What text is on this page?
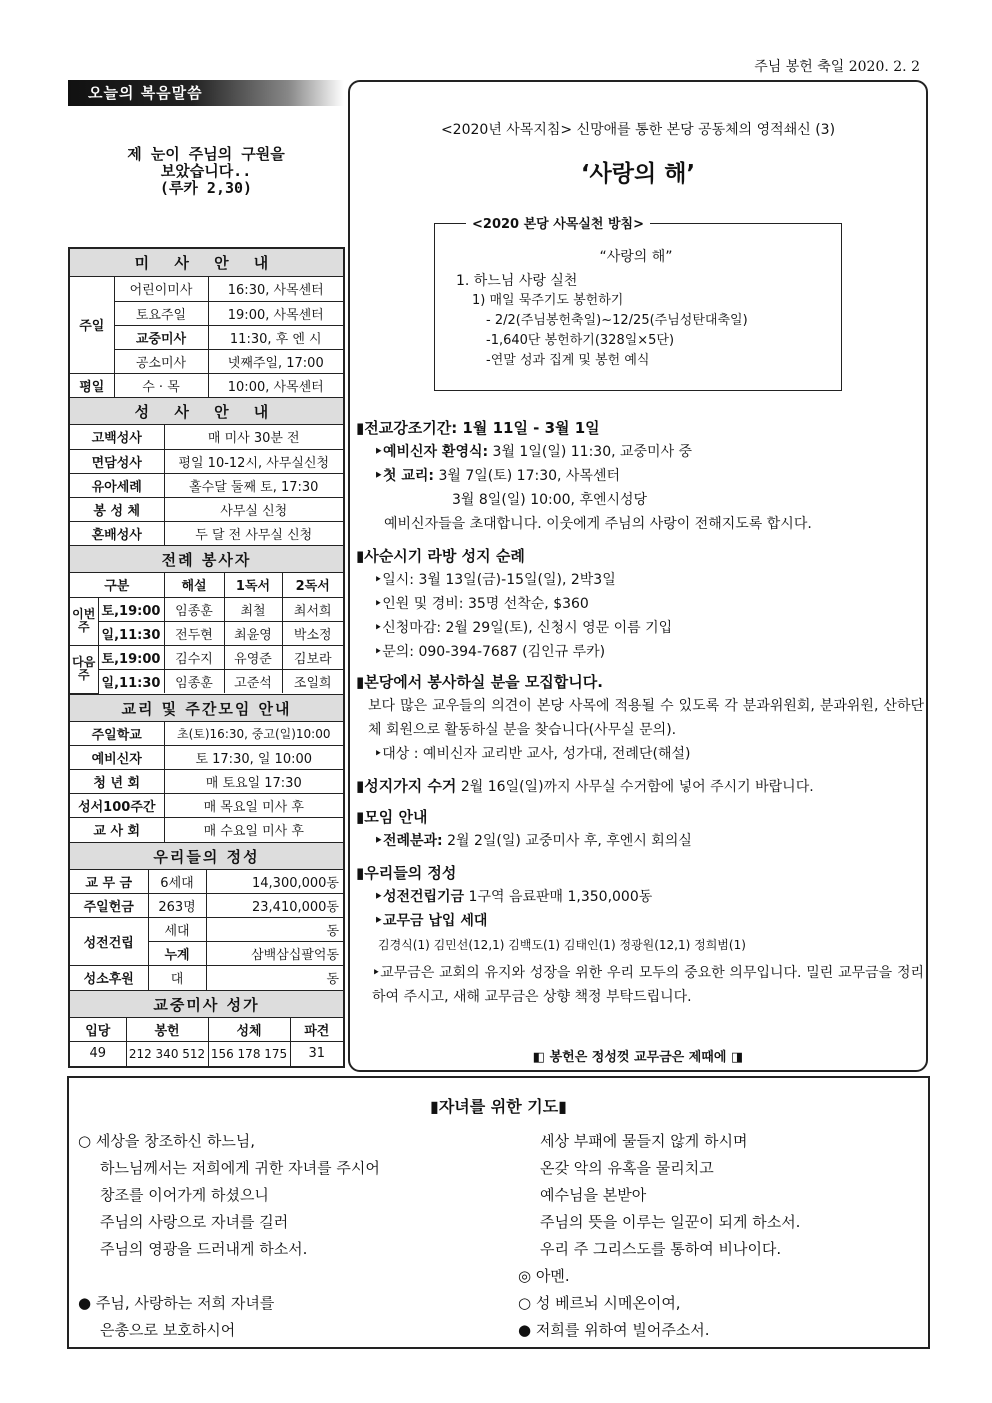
주님 봉헌 축일 2020. 2. 2
오늘의 복음말씀
제 눈이 주님의 구원을
보았습니다..
(루카 2,30)
미 사 안 내
주일	어린이미사	16:30, 사목센터
	토요주일	19:00, 사목센터
	교중미사	11:30, 후 엔 시
	공소미사	넷째주일, 17:00
평일	수 · 목	10:00, 사목센터
성 사 안 내
고백성사	매 미사 30분 전
면담성사	평일 10-12시, 사무실신청
유아세례	홀수달 둘째 토, 17:30
봉 성 체	사무실 신청
혼배성사	두 달 전 사무실 신청
전례 봉사자
구분		해설	1독서	2독서
이번주	토,19:00	임종훈	최철	최서희
	일,11:30	전두현	최윤영	박소정
다음주	토,19:00	김수지	유영준	김보라
	일,11:30	임종훈	고준석	조일희
교리 및 주간모임 안내
주일학교	초(토)16:30, 중고(일)10:00
예비신자	토 17:30, 일 10:00
청 년 회	매 토요일 17:30
성서100주간	매 목요일 미사 후
교 사 회	매 수요일 미사 후
우리들의 정성
교 무 금	6세대	14,300,000동
주일헌금	263명	23,410,000동
성전건립	세대	동
	누계	삼백삼십팔억동
성소후원	대	동
교중미사 성가
입당	봉헌	성체	파견
49	212 340 512	156 178 175	31
<2020년 사목지침> 신망애를 통한 본당 공동체의 영적쇄신 (3)
‘사랑의 해’
<2020 본당 사목실천 방침>
“사랑의 해”
1. 하느님 사랑 실천
1) 매일 묵주기도 봉헌하기
- 2/2(주님봉헌축일)~12/25(주님성탄대축일)
-1,640단 봉헌하기(328일×5단)
-연말 성과 집계 및 봉헌 예식
▮전교강조기간: 1월 11일 - 3월 1일
‣예비신자 환영식: 3월 1일(일) 11:30, 교중미사 중
‣첫 교리: 3월 7일(토) 17:30, 사목센터
3월 8일(일) 10:00, 후엔시성당
예비신자들을 초대합니다. 이웃에게 주님의 사랑이 전해지도록 합시다.
▮사순시기 라방 성지 순례
‣일시: 3월 13일(금)-15일(일), 2박3일
‣인원 및 경비: 35명 선착순, $360
‣신청마감: 2월 29일(토), 신청시 영문 이름 기입
‣문의: 090-394-7687 (김인규 루카)
▮본당에서 봉사하실 분을 모집합니다.
보다 많은 교우들의 의견이 본당 사목에 적용될 수 있도록 각 분과위원회, 분과위원, 산하단체 회원으로 활동하실 분을 찾습니다(사무실 문의).
‣대상 : 예비신자 교리반 교사, 성가대, 전례단(해설)
▮성지가지 수거 2월 16일(일)까지 사무실 수거함에 넣어 주시기 바랍니다.
▮모임 안내
‣전례분과: 2월 2일(일) 교중미사 후, 후엔시 회의실
▮우리들의 정성
‣성전건립기금 1구역 음료판매 1,350,000동
‣교무금 납입 세대
김경식(1) 김민선(12,1) 김백도(1) 김태인(1) 정광원(12,1) 정희범(1)
‣교무금은 교회의 유지와 성장을 위한 우리 모두의 중요한 의무입니다. 밀린 교무금을 정리하여 주시고, 새해 교무금은 상향 책정 부탁드립니다.
◧ 봉헌은 정성껏 교무금은 제때에 ◨
▮자녀를 위한 기도▮
○ 세상을 창조하신 하느님,
하느님께서는 저희에게 귀한 자녀를 주시어
창조를 이어가게 하셨으니
주님의 사랑으로 자녀를 길러
주님의 영광을 드러내게 하소서.
● 주님, 사랑하는 저희 자녀를
은총으로 보호하시어
세상 부패에 물들지 않게 하시며
온갖 악의 유혹을 물리치고
예수님을 본받아
주님의 뜻을 이루는 일꾼이 되게 하소서.
우리 주 그리스도를 통하여 비나이다.
◎ 아멘.
○ 성 베르뇌 시메온이여,
● 저희를 위하여 빌어주소서.
